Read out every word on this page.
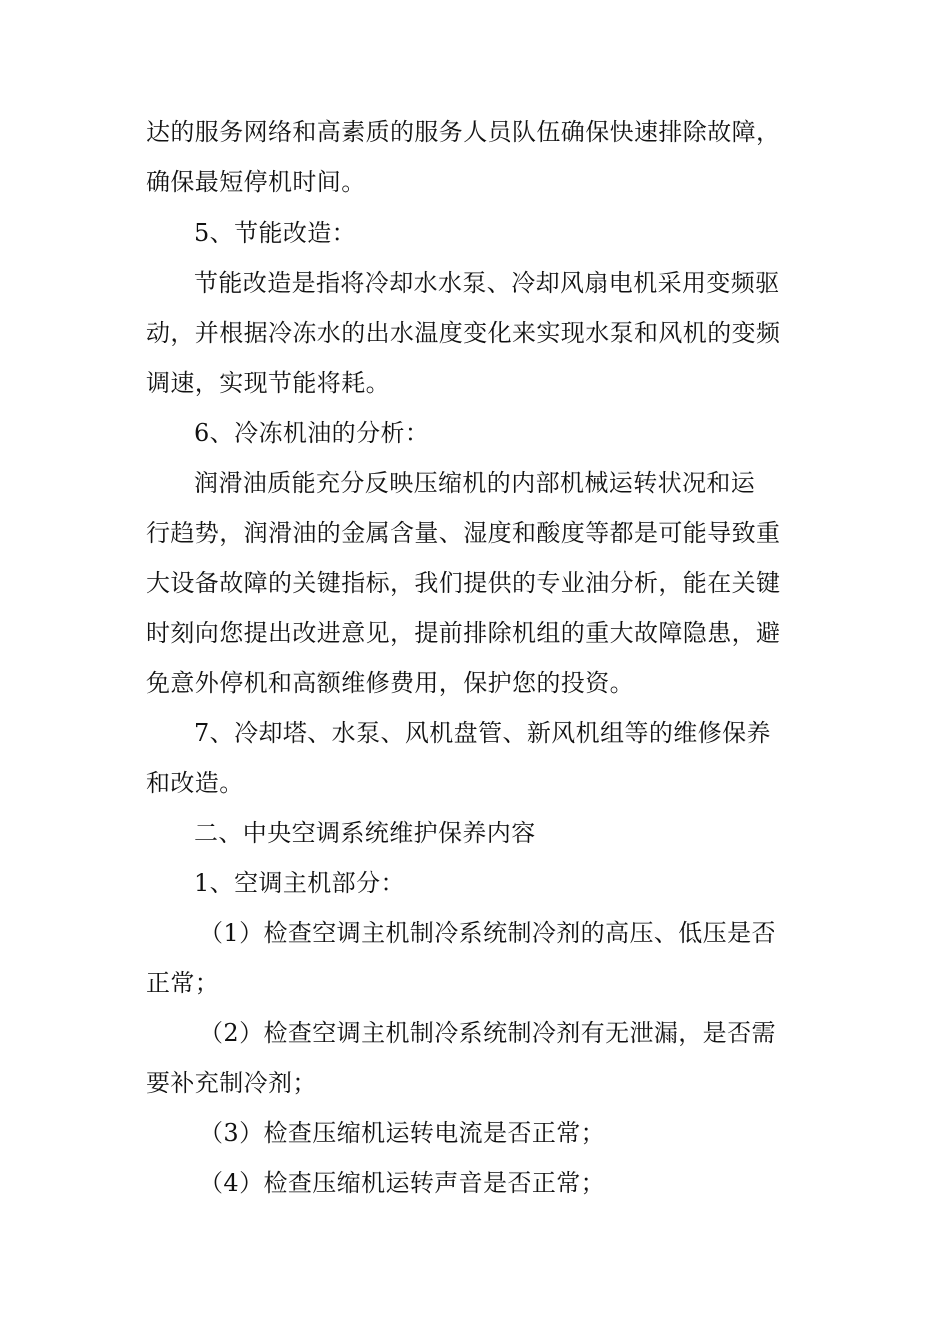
达的服务网络和高素质的服务人员队伍确保快速排除故障，
确保最短停机时间。
5、节能改造：
节能改造是指将冷却水水泵、冷却风扇电机采用变频驱
动，并根据冷冻水的出水温度变化来实现水泵和风机的变频
调速，实现节能将耗。
6、冷冻机油的分析：
润滑油质能充分反映压缩机的内部机械运转状况和运
行趋势，润滑油的金属含量、湿度和酸度等都是可能导致重
大设备故障的关键指标，我们提供的专业油分析，能在关键
时刻向您提出改进意见，提前排除机组的重大故障隐患，避
免意外停机和高额维修费用，保护您的投资。
7、冷却塔、水泵、风机盘管、新风机组等的维修保养
和改造。
二、中央空调系统维护保养内容
1、空调主机部分：
（1）检查空调主机制冷系统制冷剂的高压、低压是否
正常；
（2）检查空调主机制冷系统制冷剂有无泄漏，是否需
要补充制冷剂；
（3）检查压缩机运转电流是否正常；
（4）检查压缩机运转声音是否正常；
